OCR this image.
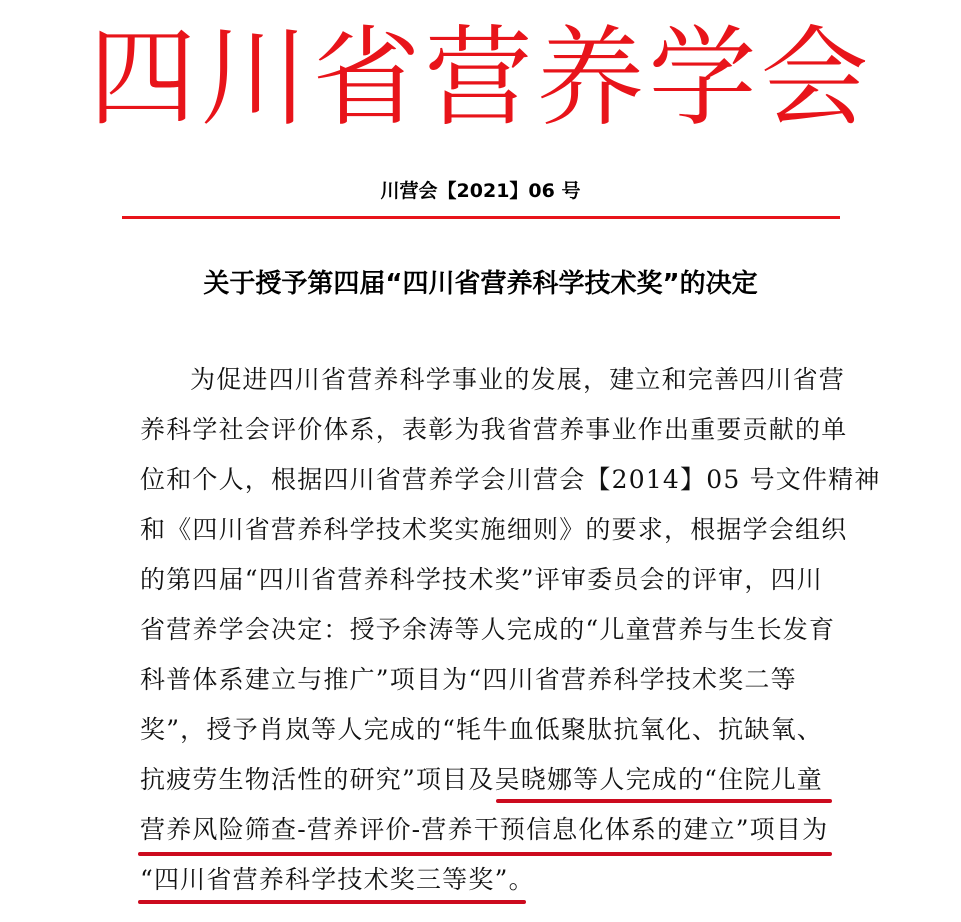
四川省营养学会
川营会【2021】06 号
关于授予第四届“四川省营养科学技术奖”的决定
为促进四川省营养科学事业的发展，建立和完善四川省营
养科学社会评价体系，表彰为我省营养事业作出重要贡献的单
位和个人，根据四川省营养学会川营会【2014】05 号文件精神
和《四川省营养科学技术奖实施细则》的要求，根据学会组织
的第四届“四川省营养科学技术奖”评审委员会的评审，四川
省营养学会决定：授予余涛等人完成的“儿童营养与生长发育
科普体系建立与推广”项目为“四川省营养科学技术奖二等
奖”，授予肖岚等人完成的“牦牛血低聚肽抗氧化、抗缺氧、
抗疲劳生物活性的研究”项目及吴晓娜等人完成的“住院儿童
营养风险筛查-营养评价-营养干预信息化体系的建立”项目为
“四川省营养科学技术奖三等奖”。
